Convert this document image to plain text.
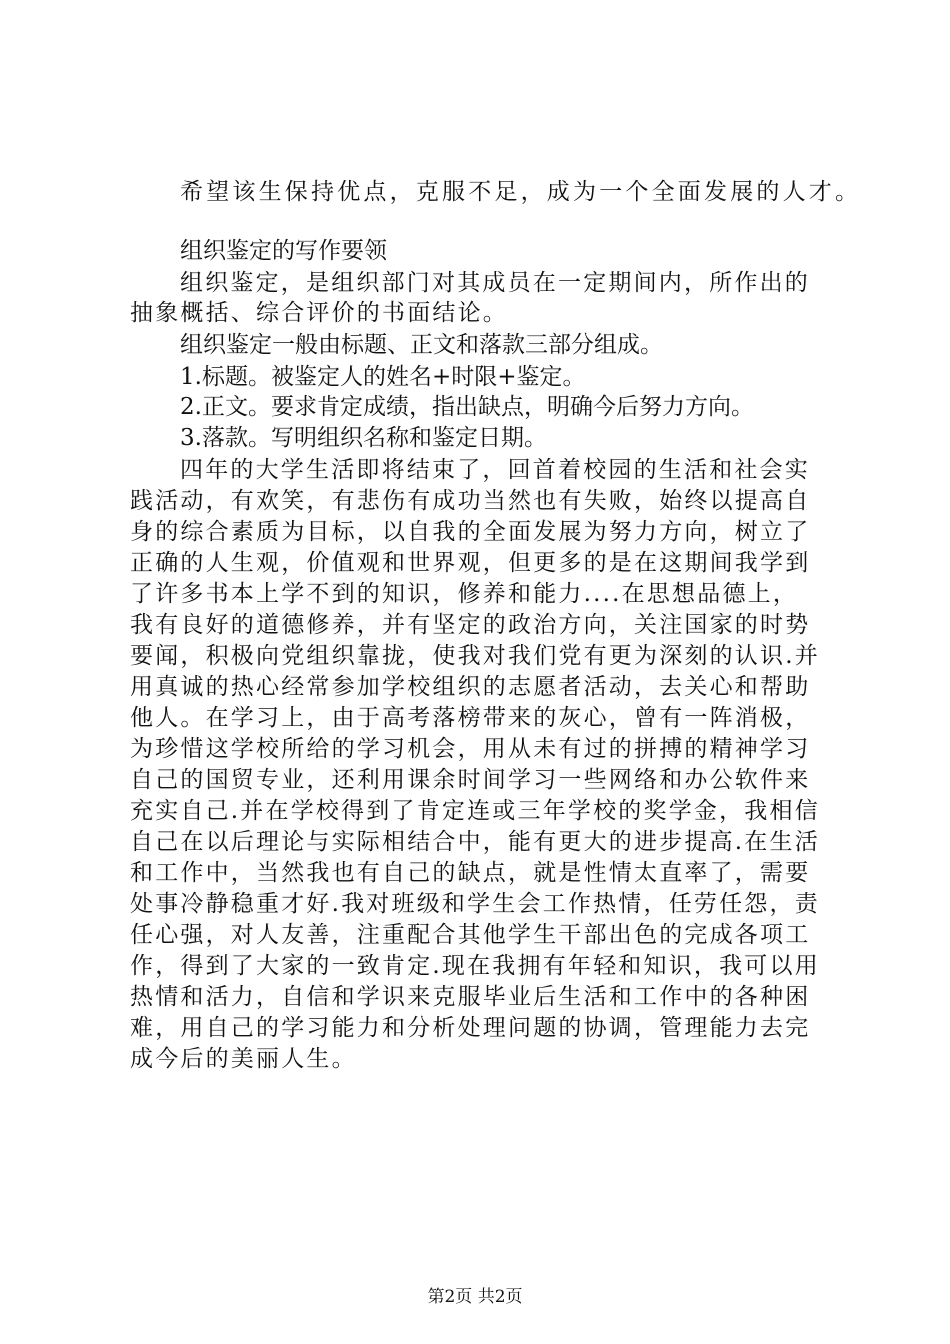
希望该生保持优点，克服不足，成为一个全面发展的人才。

组织鉴定的写作要领

组织鉴定，是组织部门对其成员在一定期间内，所作出的

抽象概括、综合评价的书面结论。

组织鉴定一般由标题、正文和落款三部分组成。

1.标题。被鉴定人的姓名+时限+鉴定。

2.正文。要求肯定成绩，指出缺点，明确今后努力方向。

3.落款。写明组织名称和鉴定日期。

四年的大学生活即将结束了，回首着校园的生活和社会实

践活动，有欢笑，有悲伤有成功当然也有失败，始终以提高自

身的综合素质为目标，以自我的全面发展为努力方向，树立了

正确的人生观，价值观和世界观，但更多的是在这期间我学到

了许多书本上学不到的知识，修养和能力....在思想品德上，

我有良好的道德修养，并有坚定的政治方向，关注国家的时势

要闻，积极向党组织靠拢，使我对我们党有更为深刻的认识.并

用真诚的热心经常参加学校组织的志愿者活动，去关心和帮助

他人。在学习上，由于高考落榜带来的灰心，曾有一阵消极，

为珍惜这学校所给的学习机会，用从未有过的拼搏的精神学习

自己的国贸专业，还利用课余时间学习一些网络和办公软件来

充实自己.并在学校得到了肯定连或三年学校的奖学金，我相信

自己在以后理论与实际相结合中，能有更大的进步提高.在生活

和工作中，当然我也有自己的缺点，就是性情太直率了，需要

处事冷静稳重才好.我对班级和学生会工作热情，任劳任怨，责

任心强，对人友善，注重配合其他学生干部出色的完成各项工

作，得到了大家的一致肯定.现在我拥有年轻和知识，我可以用

热情和活力，自信和学识来克服毕业后生活和工作中的各种困

难，用自己的学习能力和分析处理问题的协调，管理能力去完

成今后的美丽人生。

第2页 共2页
